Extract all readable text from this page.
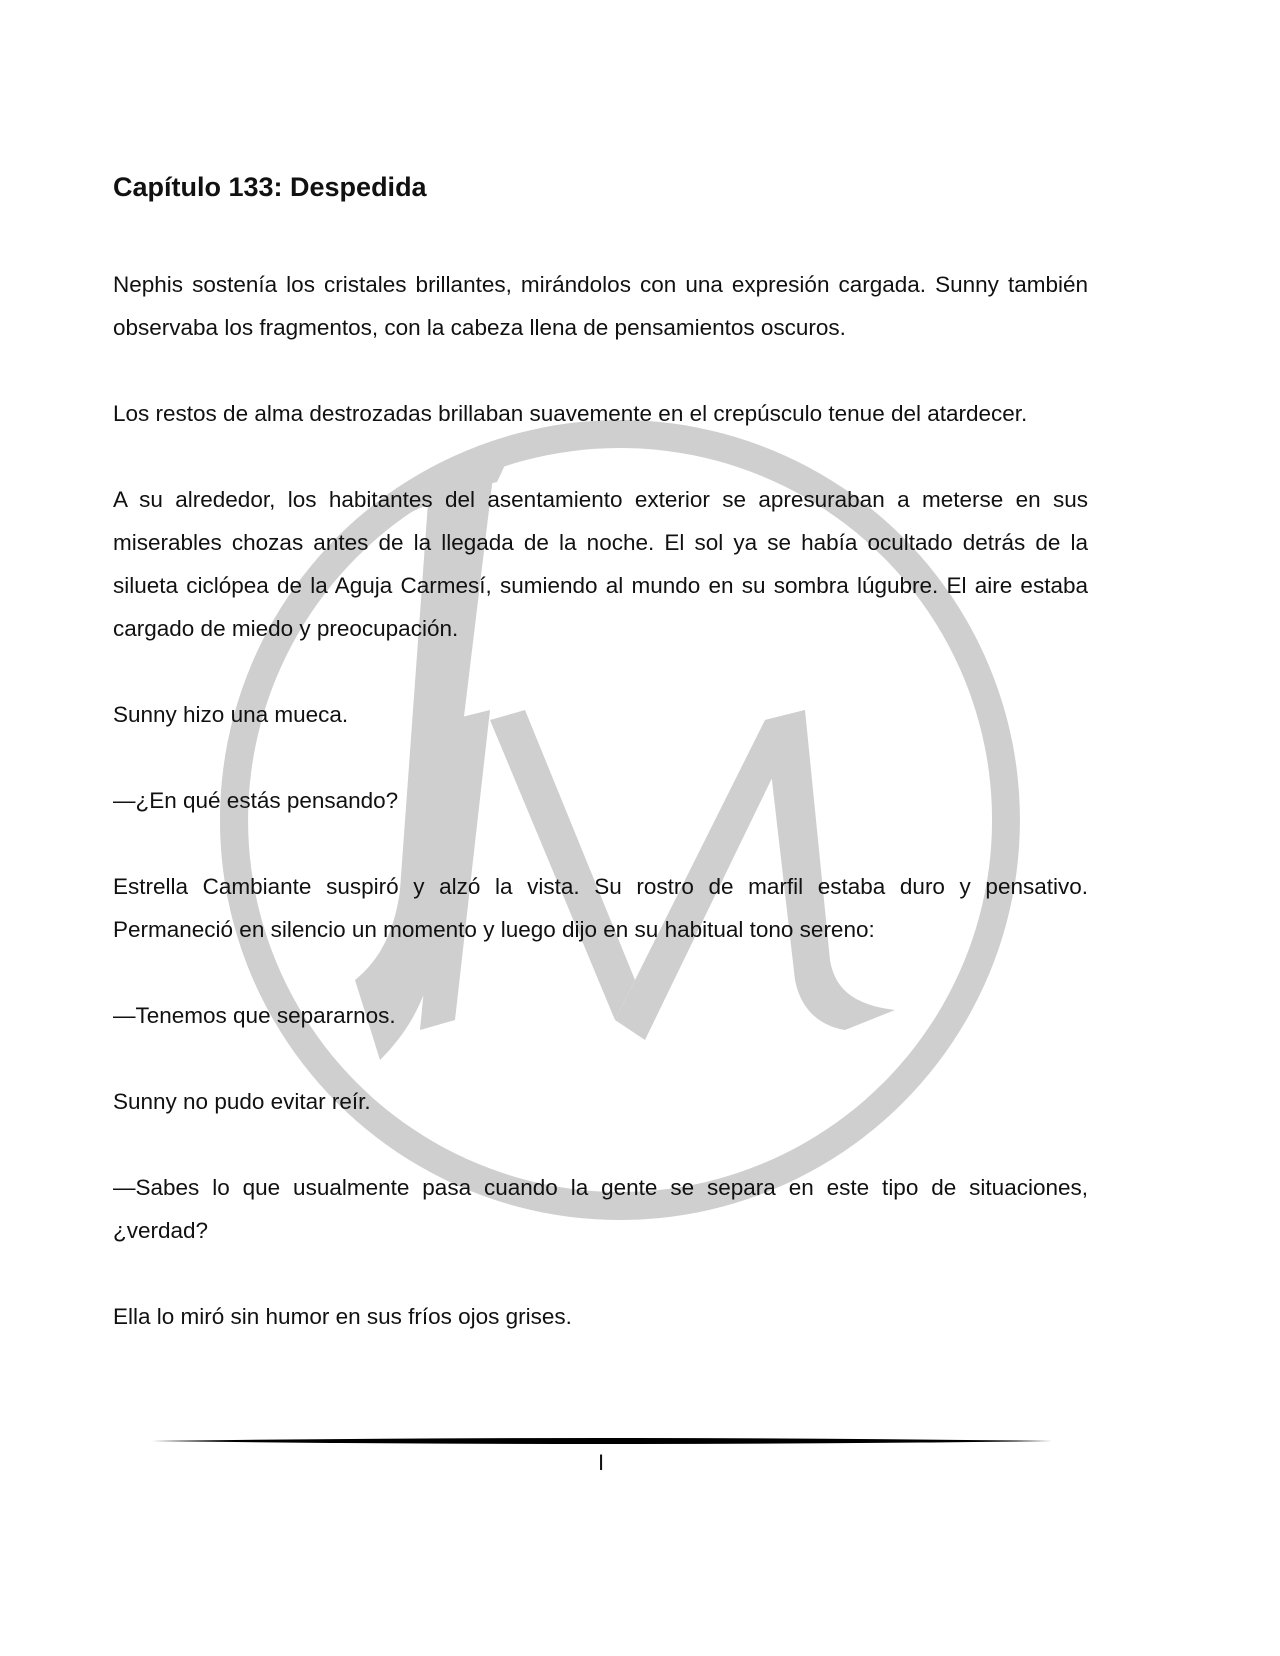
Capítulo 133: Despedida

Nephis sostenía los cristales brillantes, mirándolos con una expresión cargada. Sunny también observaba los fragmentos, con la cabeza llena de pensamientos oscuros.

Los restos de alma destrozadas brillaban suavemente en el crepúsculo tenue del atardecer.

A su alrededor, los habitantes del asentamiento exterior se apresuraban a meterse en sus miserables chozas antes de la llegada de la noche. El sol ya se había ocultado detrás de la silueta ciclópea de la Aguja Carmesí, sumiendo al mundo en su sombra lúgubre. El aire estaba cargado de miedo y preocupación.

Sunny hizo una mueca.

—¿En qué estás pensando?

Estrella Cambiante suspiró y alzó la vista. Su rostro de marfil estaba duro y pensativo. Permaneció en silencio un momento y luego dijo en su habitual tono sereno:

—Tenemos que separarnos.

Sunny no pudo evitar reír.

—Sabes lo que usualmente pasa cuando la gente se separa en este tipo de situaciones, ¿verdad?

Ella lo miró sin humor en sus fríos ojos grises.

I
